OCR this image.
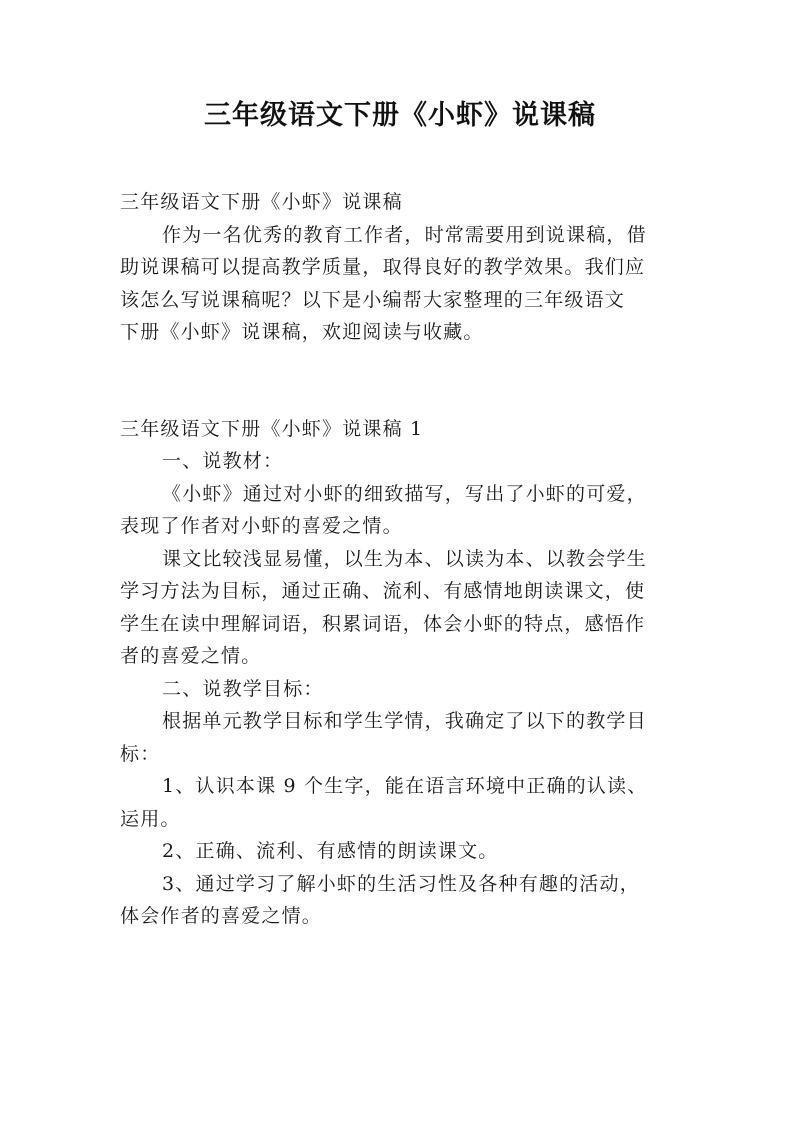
三年级语文下册《小虾》说课稿

三年级语文下册《小虾》说课稿

作为一名优秀的教育工作者，时常需要用到说课稿，借

助说课稿可以提高教学质量，取得良好的教学效果。我们应

该怎么写说课稿呢？以下是小编帮大家整理的三年级语文

下册《小虾》说课稿，欢迎阅读与收藏。

三年级语文下册《小虾》说课稿 1

一、说教材：

《小虾》通过对小虾的细致描写，写出了小虾的可爱，

表现了作者对小虾的喜爱之情。

课文比较浅显易懂，以生为本、以读为本、以教会学生

学习方法为目标，通过正确、流利、有感情地朗读课文，使

学生在读中理解词语，积累词语，体会小虾的特点，感悟作

者的喜爱之情。

二、说教学目标：

根据单元教学目标和学生学情，我确定了以下的教学目

标：

1、认识本课 9 个生字，能在语言环境中正确的认读、

运用。

2、正确、流利、有感情的朗读课文。

3、通过学习了解小虾的生活习性及各种有趣的活动，

体会作者的喜爱之情。
